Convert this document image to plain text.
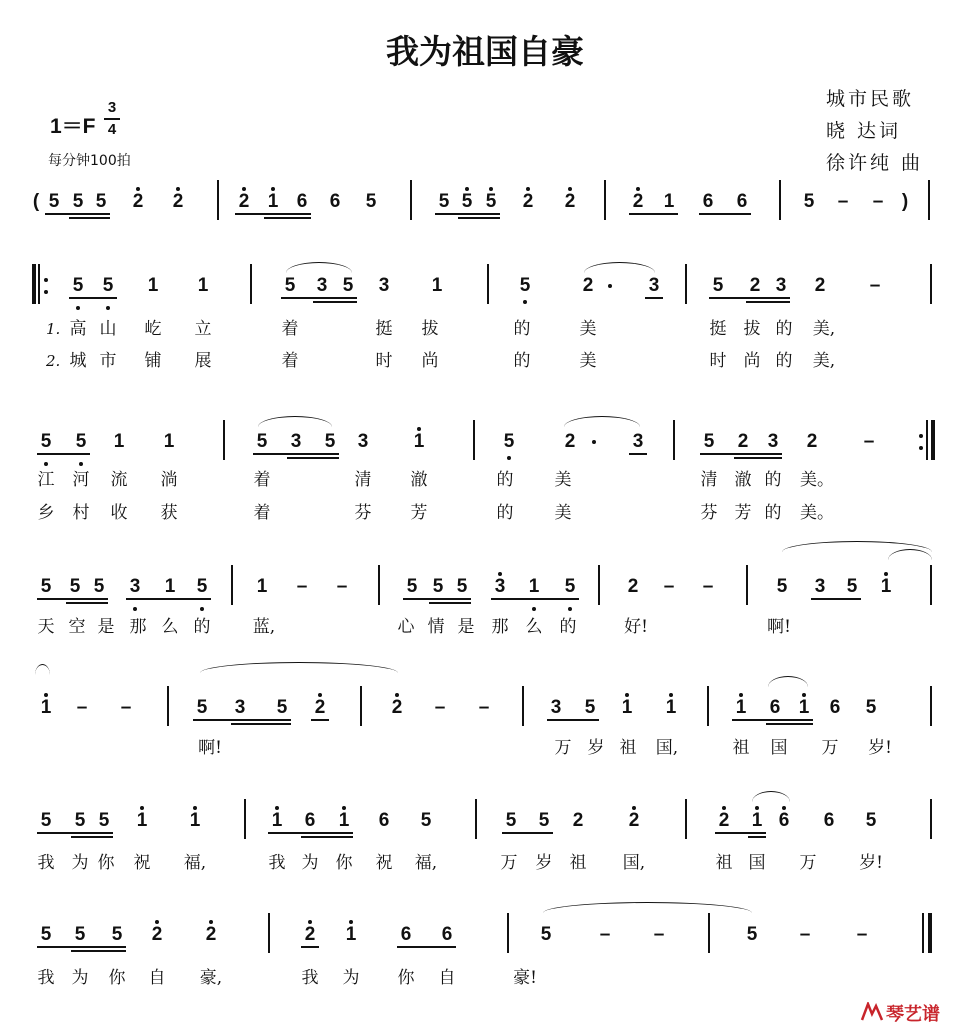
我为祖国自豪
城市民歌
晓 达词
徐许纯 曲
1＝F
3
4
每分钟100拍
5 5 5 2 2	2 1 6 6 5	5 5 5 2 2	2 1 6 6	5 – –
(	)
5 5 1 1	5 3 5 3 1	5	2	3	5 2 3 2 –
高 山 屹 立	着	挺 拔	的	美	挺 拔 的 美,
城 市 铺 展	着	时 尚	的	美	时 尚 的 美,
1.
2.
5 5 1 1	5 3 5 3 1	5	2	3	5 2 3 2 –
江 河 流 淌	着	清 澈	的 美	清 澈 的 美。
乡 村 收 获	着	芬 芳	的 美	芬 芳 的 美。
5 5 5 3 1 5	1	5 5 5 3 1 5	2	5 3 5 1
– –	– –
天 空 是 那 么 的 蓝,	心 情 是 那 么 的	好!	啊!
1	5 3 5 2	2	3 5 1 1	1 6 1 6 5
– –	– –
啊!	万 岁 祖 国,	祖 国 万 岁!
5 5 5 1 1	1 6 1 6 5	5 5 2 2	2 1 6 6 5
我 为 你 祝 福,	我 为 你 祝 福,	万 岁 祖 国,	祖 国 万	岁!
5 5 5 2 2	2 1 6 6	5	5
– –	– –
我 为 你 自 豪,	我 为 你 自	豪!
琴艺谱
